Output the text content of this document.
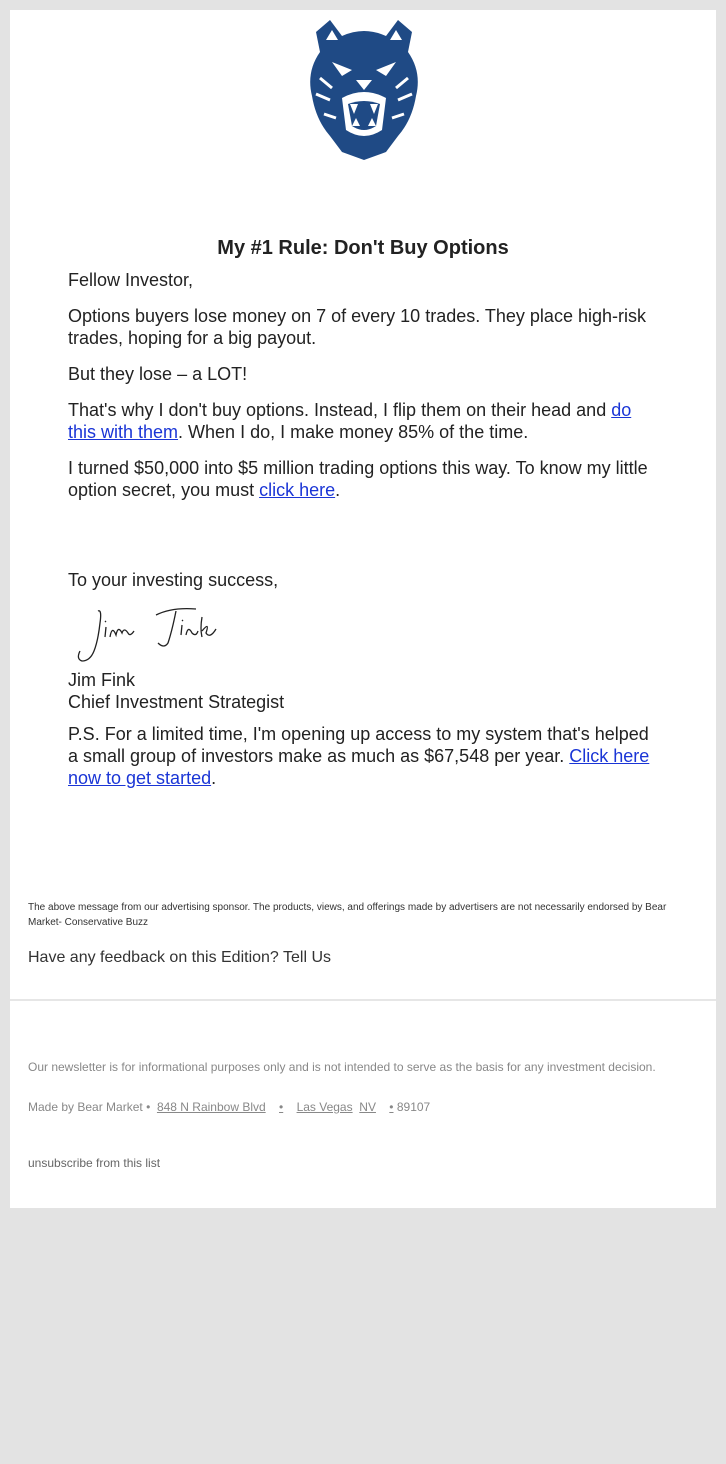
My #1 Rule: Don't Buy Options

Fellow Investor,

Options buyers lose money on 7 of every 10 trades. They place high-risk trades, hoping for a big payout.

But they lose – a LOT!

That's why I don't buy options. Instead, I flip them on their head and do this with them. When I do, I make money 85% of the time.

I turned $50,000 into $5 million trading options this way. To know my little option secret, you must click here.

To your investing success,

Jim Fink

Jim Fink

Chief Investment Strategist

P.S. For a limited time, I'm opening up access to my system that's helped a small group of investors make as much as $67,548 per year. Click here now to get started.

The above message from our advertising sponsor. The products, views, and offerings made by advertisers are not necessarily endorsed by Bear Market- Conservative Buzz

Have any feedback on this Edition? Tell Us

Our newsletter is for informational purposes only and is not intended to serve as the basis for any investment decision.

Made by Bear Market • 848 N Rainbow Blvd • Las Vegas NV • 89107

unsubscribe from this list
